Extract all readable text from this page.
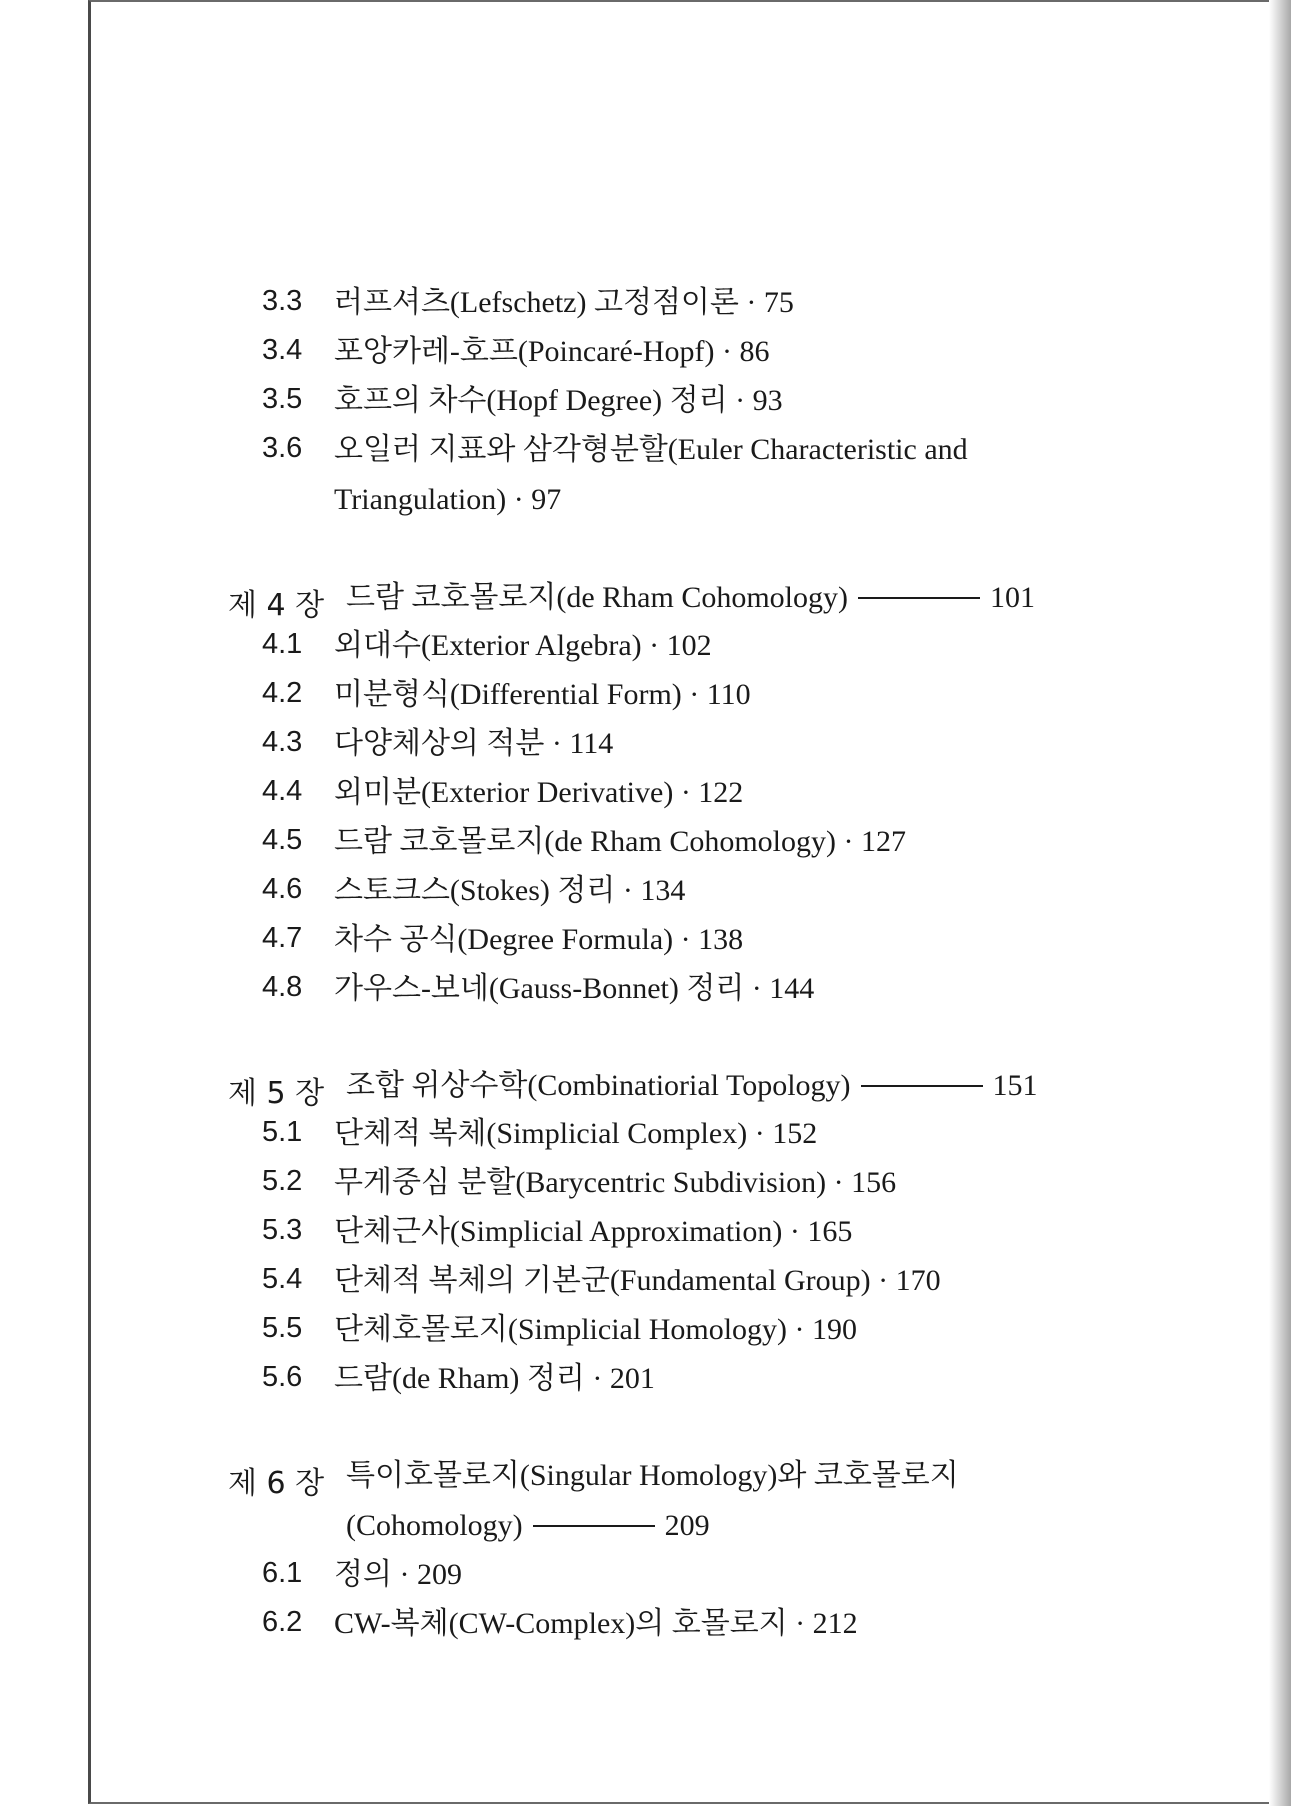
3.3 러프셔츠(Lefschetz) 고정점이론 · 75
3.4 포앙카레-호프(Poincaré-Hopf) · 86
3.5 호프의 차수(Hopf Degree) 정리 · 93
3.6 오일러 지표와 삼각형분할(Euler Characteristic and
Triangulation) · 97
제 4 장 드람 코호몰로지(de Rham Cohomology)	101
4.1 외대수(Exterior Algebra) · 102
4.2 미분형식(Differential Form) · 110
4.3 다양체상의 적분 · 114
4.4 외미분(Exterior Derivative) · 122
4.5 드람 코호몰로지(de Rham Cohomology) · 127
4.6 스토크스(Stokes) 정리 · 134
4.7 차수 공식(Degree Formula) · 138
4.8 가우스-보네(Gauss-Bonnet) 정리 · 144
제 5 장 조합 위상수학(Combinatiorial Topology)	151
5.1 단체적 복체(Simplicial Complex) · 152
5.2 무게중심 분할(Barycentric Subdivision) · 156
5.3 단체근사(Simplicial Approximation) · 165
5.4 단체적 복체의 기본군(Fundamental Group) · 170
5.5 단체호몰로지(Simplicial Homology) · 190
5.6 드람(de Rham) 정리 · 201
제 6 장 특이호몰로지(Singular Homology)와 코호몰로지
(Cohomology)	209
6.1 정의 · 209
6.2 CW-복체(CW-Complex)의 호몰로지 · 212
